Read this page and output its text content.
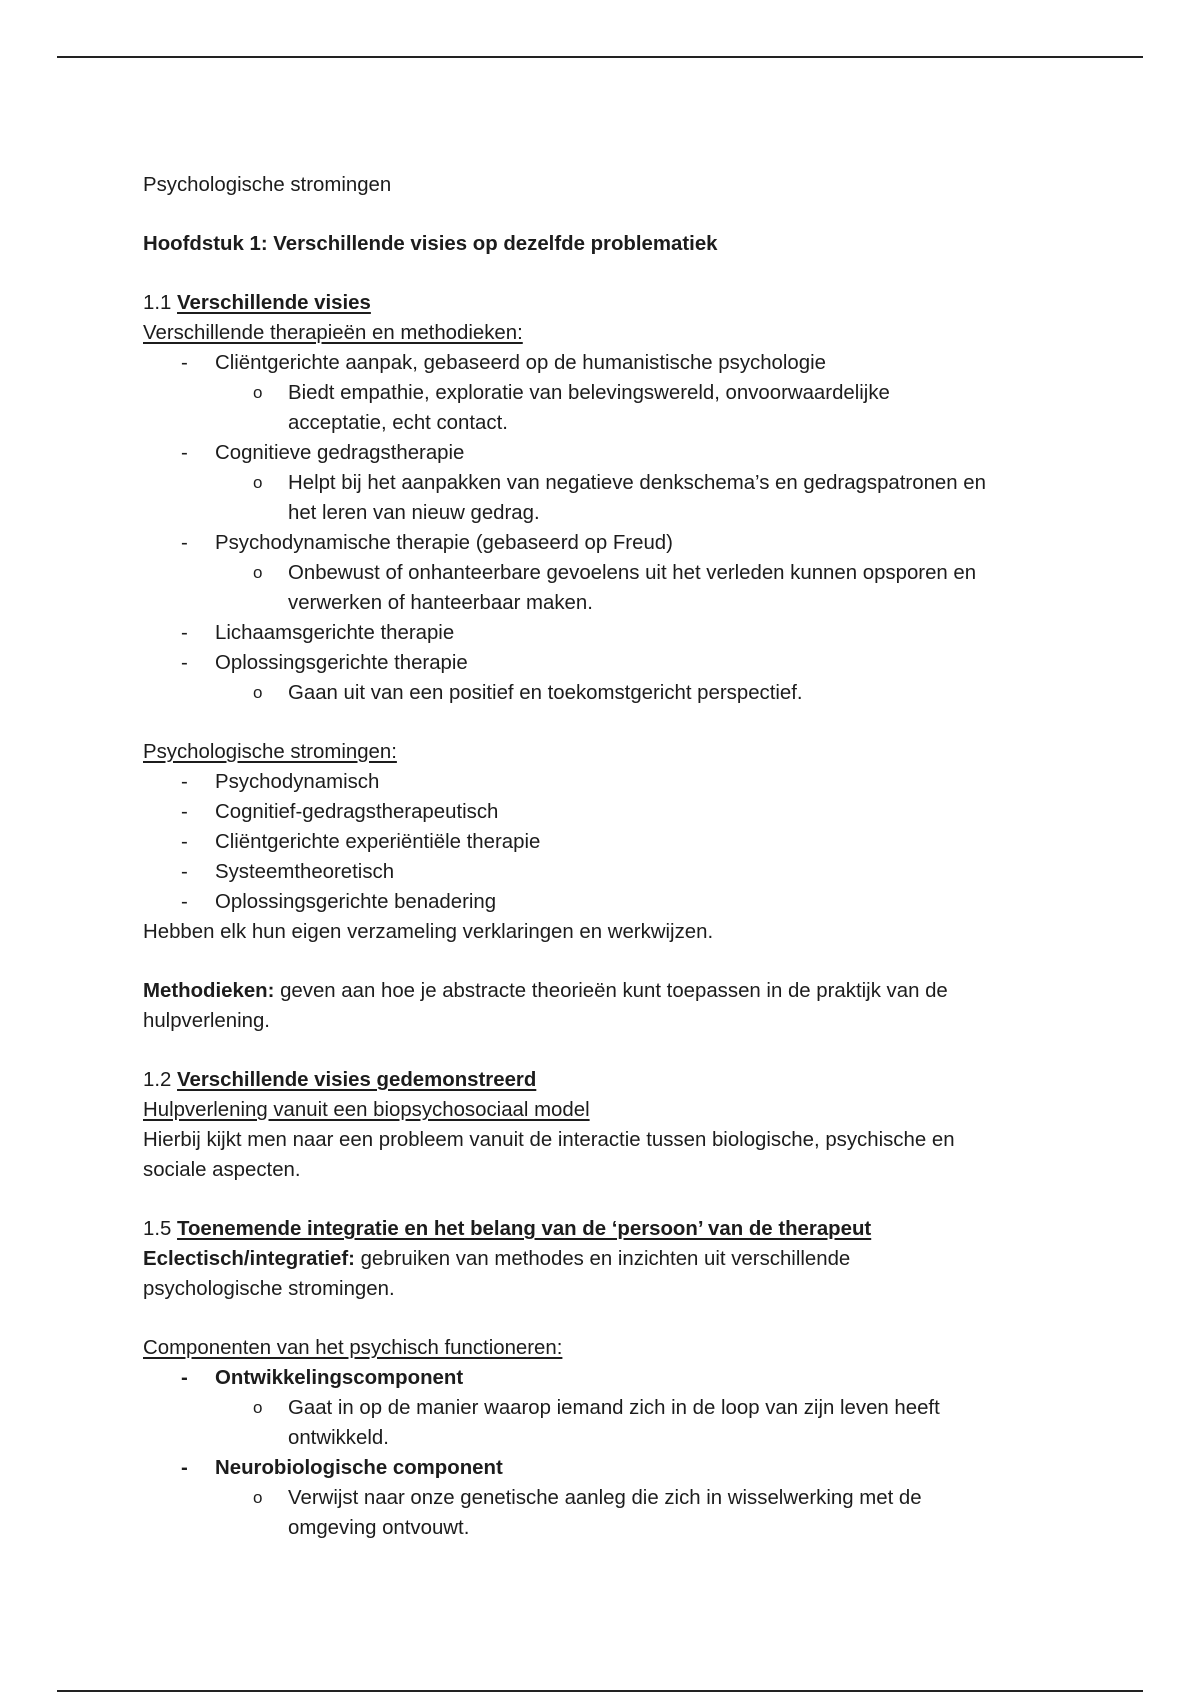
Psychologische stromingen
Hoofdstuk 1: Verschillende visies op dezelfde problematiek
1.1 Verschillende visies
Verschillende therapieën en methodieken:
- Cliëntgerichte aanpak, gebaseerd op de humanistische psychologie
o Biedt empathie, exploratie van belevingswereld, onvoorwaardelijke
acceptatie, echt contact.
- Cognitieve gedragstherapie
o Helpt bij het aanpakken van negatieve denkschema’s en gedragspatronen en
het leren van nieuw gedrag.
- Psychodynamische therapie (gebaseerd op Freud)
o Onbewust of onhanteerbare gevoelens uit het verleden kunnen opsporen en
verwerken of hanteerbaar maken.
- Lichaamsgerichte therapie
- Oplossingsgerichte therapie
o Gaan uit van een positief en toekomstgericht perspectief.
Psychologische stromingen:
- Psychodynamisch
- Cognitief-gedragstherapeutisch
- Cliëntgerichte experiëntiële therapie
- Systeemtheoretisch
- Oplossingsgerichte benadering
Hebben elk hun eigen verzameling verklaringen en werkwijzen.
Methodieken: geven aan hoe je abstracte theorieën kunt toepassen in de praktijk van de
hulpverlening.
1.2 Verschillende visies gedemonstreerd
Hulpverlening vanuit een biopsychosociaal model
Hierbij kijkt men naar een probleem vanuit de interactie tussen biologische, psychische en
sociale aspecten.
1.5 Toenemende integratie en het belang van de ‘persoon’ van de therapeut
Eclectisch/integratief: gebruiken van methodes en inzichten uit verschillende
psychologische stromingen.
Componenten van het psychisch functioneren:
- Ontwikkelingscomponent
o Gaat in op de manier waarop iemand zich in de loop van zijn leven heeft
ontwikkeld.
- Neurobiologische component
o Verwijst naar onze genetische aanleg die zich in wisselwerking met de
omgeving ontvouwt.
